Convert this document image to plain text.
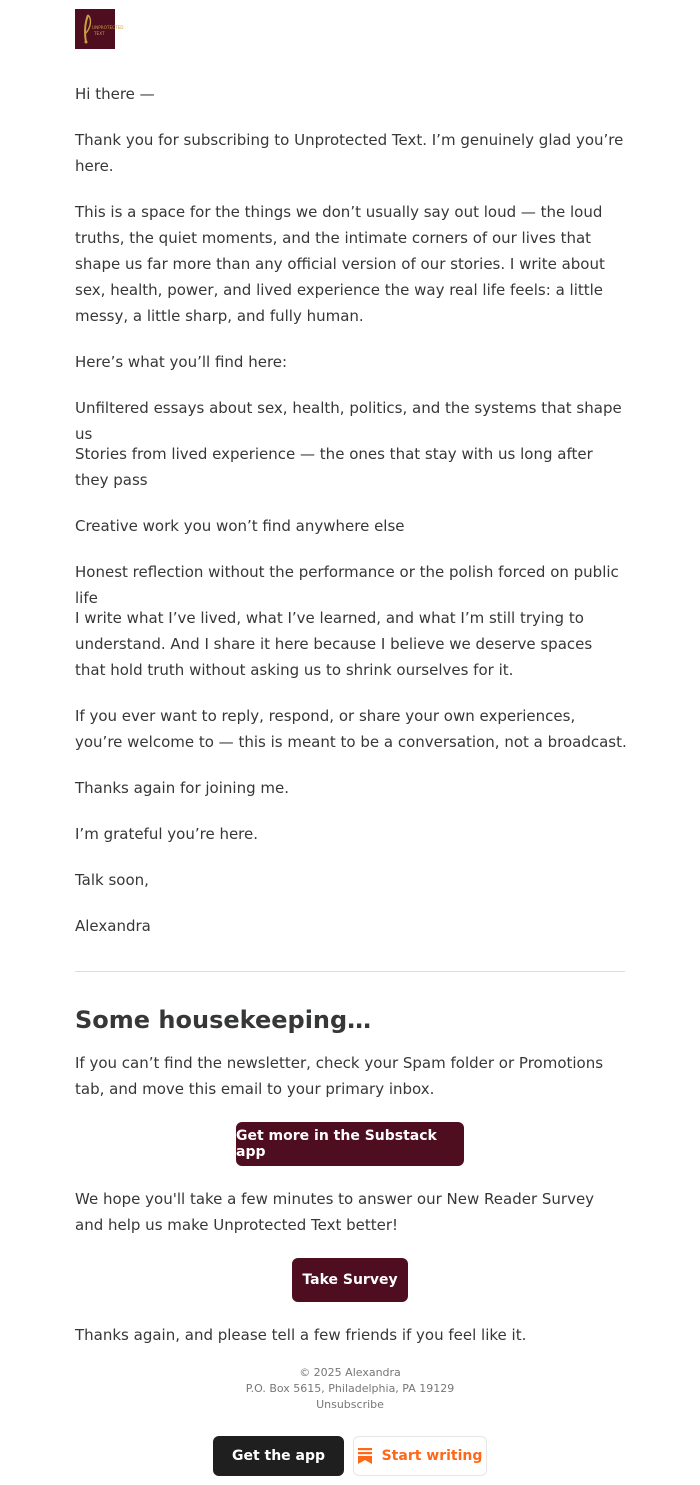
UNPROTECTED
TEXT

Hi there —

Thank you for subscribing to Unprotected Text. I’m genuinely glad you’re here.

This is a space for the things we don’t usually say out loud — the loud truths, the quiet moments, and the intimate corners of our lives that shape us far more than any official version of our stories. I write about sex, health, power, and lived experience the way real life feels: a little messy, a little sharp, and fully human.

Here’s what you’ll find here:

Unfiltered essays about sex, health, politics, and the systems that shape us

Stories from lived experience — the ones that stay with us long after they pass

Creative work you won’t find anywhere else

Honest reflection without the performance or the polish forced on public life

I write what I’ve lived, what I’ve learned, and what I’m still trying to understand. And I share it here because I believe we deserve spaces that hold truth without asking us to shrink ourselves for it.

If you ever want to reply, respond, or share your own experiences, you’re welcome to — this is meant to be a conversation, not a broadcast.

Thanks again for joining me.

I’m grateful you’re here.

Talk soon,

Alexandra

Some housekeeping…

If you can’t find the newsletter, check your Spam folder or Promotions tab, and move this email to your primary inbox.

Get more in the Substack app

We hope you'll take a few minutes to answer our New Reader Survey and help us make Unprotected Text better!

Take Survey

Thanks again, and please tell a few friends if you feel like it.

© 2025 Alexandra
P.O. Box 5615, Philadelphia, PA 19129
Unsubscribe
Get the app	Start writing
